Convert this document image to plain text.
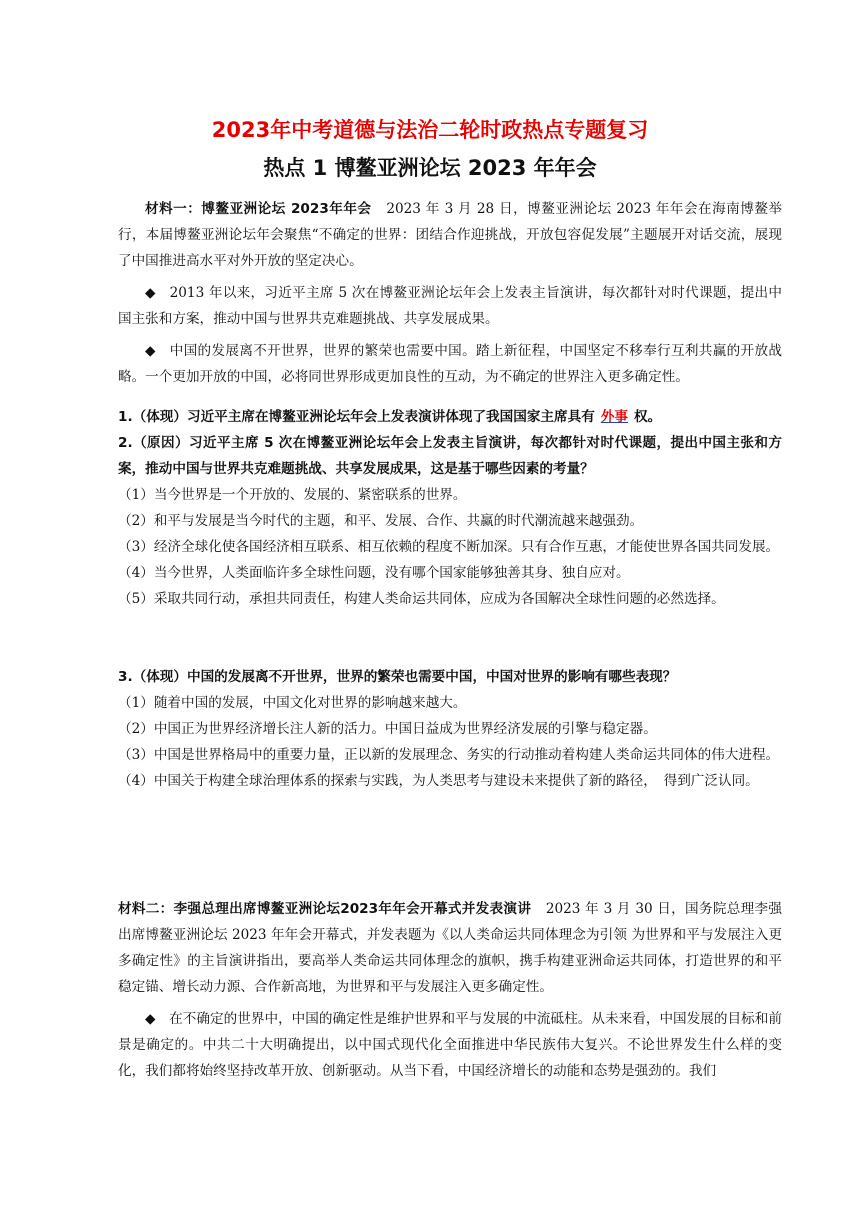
2023年中考道德与法治二轮时政热点专题复习
热点 1 博鳌亚洲论坛 2023 年年会
材料一：博鳌亚洲论坛 2023年年会 2023 年 3 月 28 日，博鳌亚洲论坛 2023 年年会在海南博鳌举行，本届博鳌亚洲论坛年会聚焦“不确定的世界：团结合作迎挑战，开放包容促发展”主题展开对话交流，展现了中国推进高水平对外开放的坚定决心。
◆　2013 年以来，习近平主席 5 次在博鳌亚洲论坛年会上发表主旨演讲，每次都针对时代课题，提出中国主张和方案，推动中国与世界共克难题挑战、共享发展成果。
◆　中国的发展离不开世界，世界的繁荣也需要中国。踏上新征程，中国坚定不移奉行互利共赢的开放战略。一个更加开放的中国，必将同世界形成更加良性的互动，为不确定的世界注入更多确定性。
1.（体现）习近平主席在博鳌亚洲论坛年会上发表演讲体现了我国国家主席具有 外事 权。
2.（原因）习近平主席 5 次在博鳌亚洲论坛年会上发表主旨演讲，每次都针对时代课题，提出中国主张和方案，推动中国与世界共克难题挑战、共享发展成果，这是基于哪些因素的考量？
（1）当今世界是一个开放的、发展的、紧密联系的世界。
（2）和平与发展是当今时代的主题，和平、发展、合作、共赢的时代潮流越来越强劲。
（3）经济全球化使各国经济相互联系、相互依赖的程度不断加深。只有合作互惠，才能使世界各国共同发展。
（4）当今世界，人类面临许多全球性问题，没有哪个国家能够独善其身、独自应对。
（5）采取共同行动，承担共同责任，构建人类命运共同体，应成为各国解决全球性问题的必然选择。
3.（体现）中国的发展离不开世界，世界的繁荣也需要中国，中国对世界的影响有哪些表现？
（1）随着中国的发展，中国文化对世界的影响越来越大。
（2）中国正为世界经济增长注人新的活力。中国日益成为世界经济发展的引擎与稳定器。
（3）中国是世界格局中的重要力量，正以新的发展理念、务实的行动推动着构建人类命运共同体的伟大进程。
（4）中国关于构建全球治理体系的探索与实践，为人类思考与建设未来提供了新的路径，　得到广泛认同。
材料二：李强总理出席博鳌亚洲论坛2023年年会开幕式并发表演讲 2023 年 3 月 30 日，国务院总理李强出席博鳌亚洲论坛 2023 年年会开幕式，并发表题为《以人类命运共同体理念为引领 为世界和平与发展注入更多确定性》的主旨演讲指出，要高举人类命运共同体理念的旗帜，携手构建亚洲命运共同体，打造世界的和平稳定锚、增长动力源、合作新高地，为世界和平与发展注入更多确定性。
◆　在不确定的世界中，中国的确定性是维护世界和平与发展的中流砥柱。从未来看，中国发展的目标和前景是确定的。中共二十大明确提出，以中国式现代化全面推进中华民族伟大复兴。不论世界发生什么样的变化，我们都将始终坚持改革开放、创新驱动。从当下看，中国经济增长的动能和态势是强劲的。我们
